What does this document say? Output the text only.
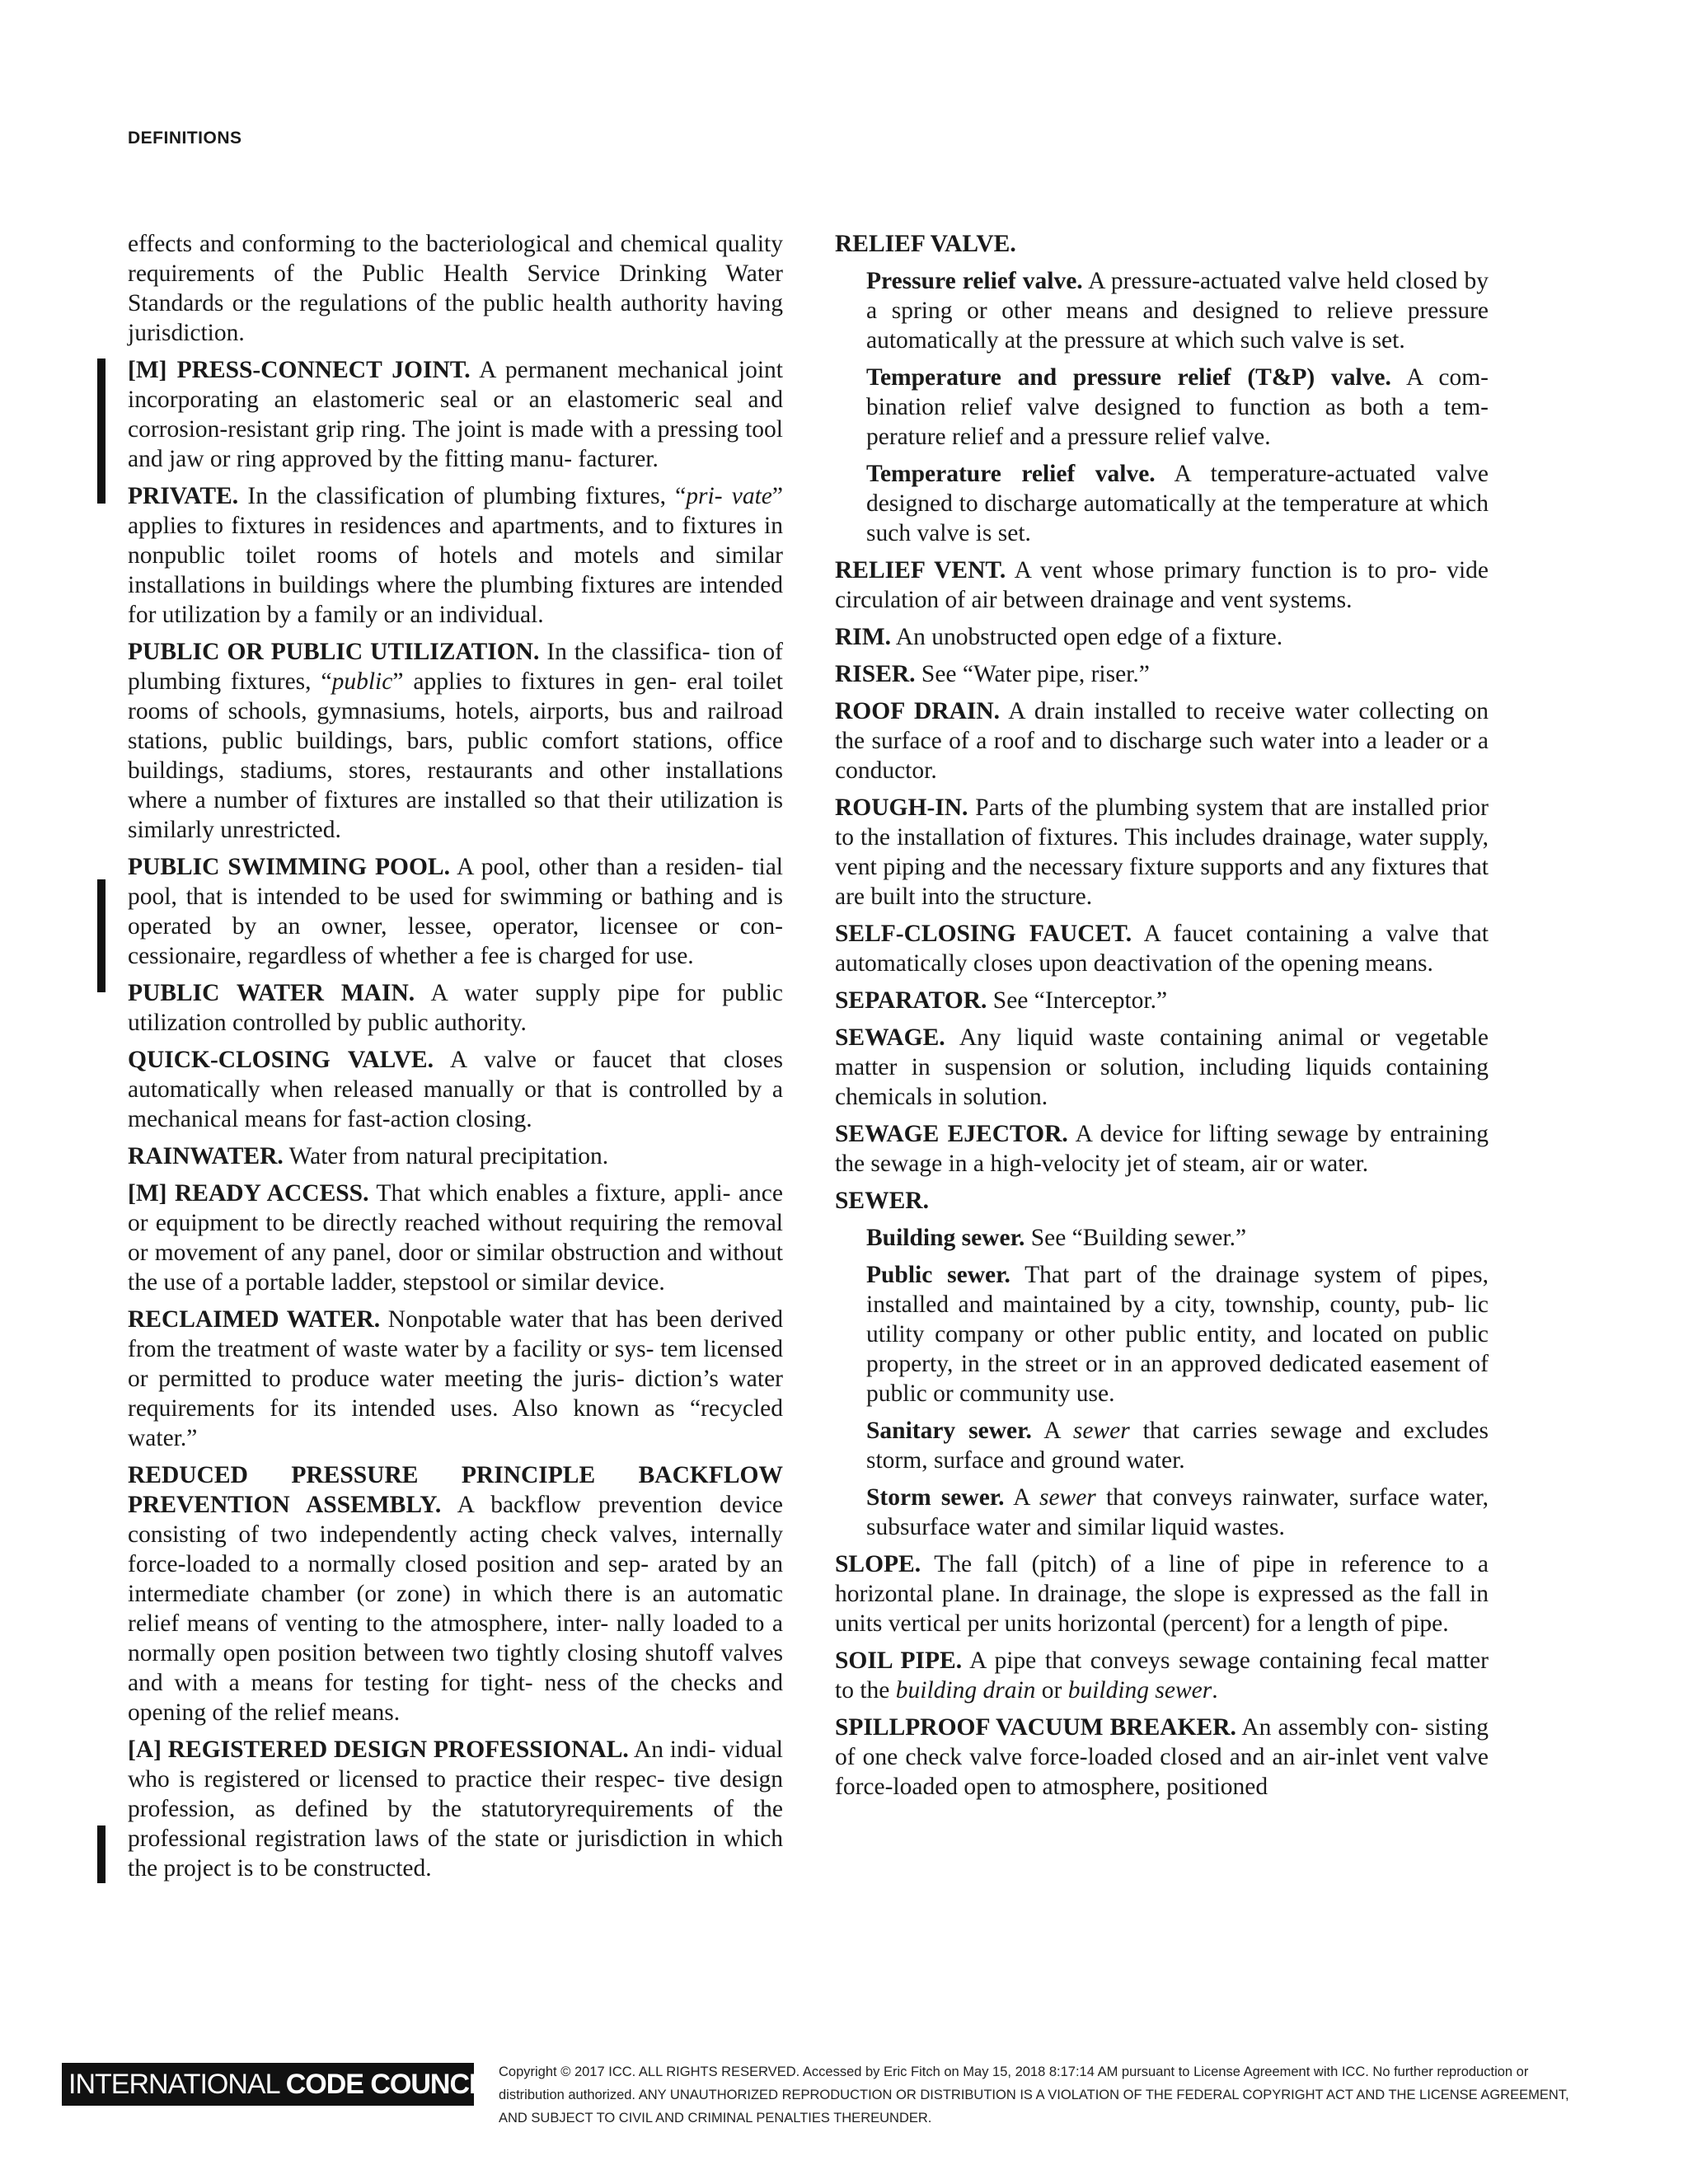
DEFINITIONS

effects and conforming to the bacteriological and chemical quality requirements of the Public Health Service Drinking Water Standards or the regulations of the public health authority having jurisdiction.

[M] PRESS-CONNECT JOINT. A permanent mechanical joint incorporating an elastomeric seal or an elastomeric seal and corrosion-resistant grip ring. The joint is made with a pressing tool and jaw or ring approved by the fitting manu- facturer.

PRIVATE. In the classification of plumbing fixtures, “pri- vate” applies to fixtures in residences and apartments, and to fixtures in nonpublic toilet rooms of hotels and motels and similar installations in buildings where the plumbing fixtures are intended for utilization by a family or an individual.

PUBLIC OR PUBLIC UTILIZATION. In the classifica- tion of plumbing fixtures, “public” applies to fixtures in gen- eral toilet rooms of schools, gymnasiums, hotels, airports, bus and railroad stations, public buildings, bars, public comfort stations, office buildings, stadiums, stores, restaurants and other installations where a number of fixtures are installed so that their utilization is similarly unrestricted.

PUBLIC SWIMMING POOL. A pool, other than a residen- tial pool, that is intended to be used for swimming or bathing and is operated by an owner, lessee, operator, licensee or con- cessionaire, regardless of whether a fee is charged for use.

PUBLIC WATER MAIN. A water supply pipe for public utilization controlled by public authority.

QUICK-CLOSING VALVE. A valve or faucet that closes automatically when released manually or that is controlled by a mechanical means for fast-action closing.

RAINWATER. Water from natural precipitation.

[M] READY ACCESS. That which enables a fixture, appli- ance or equipment to be directly reached without requiring the removal or movement of any panel, door or similar obstruction and without the use of a portable ladder, stepstool or similar device.

RECLAIMED WATER. Nonpotable water that has been derived from the treatment of waste water by a facility or sys- tem licensed or permitted to produce water meeting the juris- diction’s water requirements for its intended uses. Also known as “recycled water.”

REDUCED PRESSURE PRINCIPLE BACKFLOW PREVENTION ASSEMBLY. A backflow prevention device consisting of two independently acting check valves, internally force-loaded to a normally closed position and sep- arated by an intermediate chamber (or zone) in which there is an automatic relief means of venting to the atmosphere, inter- nally loaded to a normally open position between two tightly closing shutoff valves and with a means for testing for tight- ness of the checks and opening of the relief means.

[A] REGISTERED DESIGN PROFESSIONAL. An indi- vidual who is registered or licensed to practice their respec- tive design profession, as defined by the statutoryrequirements of the professional registration laws of the state or jurisdiction in which the project is to be constructed.

RELIEF VALVE.

Pressure relief valve. A pressure-actuated valve held closed by a spring or other means and designed to relieve pressure automatically at the pressure at which such valve is set.

Temperature and pressure relief (T&P) valve. A com- bination relief valve designed to function as both a tem- perature relief and a pressure relief valve.

Temperature relief valve. A temperature-actuated valve designed to discharge automatically at the temperature at which such valve is set.

RELIEF VENT. A vent whose primary function is to pro- vide circulation of air between drainage and vent systems.

RIM. An unobstructed open edge of a fixture.

RISER. See “Water pipe, riser.”

ROOF DRAIN. A drain installed to receive water collecting on the surface of a roof and to discharge such water into a leader or a conductor.

ROUGH-IN. Parts of the plumbing system that are installed prior to the installation of fixtures. This includes drainage, water supply, vent piping and the necessary fixture supports and any fixtures that are built into the structure.

SELF-CLOSING FAUCET. A faucet containing a valve that automatically closes upon deactivation of the opening means.

SEPARATOR. See “Interceptor.”

SEWAGE. Any liquid waste containing animal or vegetable matter in suspension or solution, including liquids containing chemicals in solution.

SEWAGE EJECTOR. A device for lifting sewage by entraining the sewage in a high-velocity jet of steam, air or water.

SEWER.

Building sewer. See “Building sewer.”

Public sewer. That part of the drainage system of pipes, installed and maintained by a city, township, county, pub- lic utility company or other public entity, and located on public property, in the street or in an approved dedicated easement of public or community use.

Sanitary sewer. A sewer that carries sewage and excludes storm, surface and ground water.

Storm sewer. A sewer that conveys rainwater, surface water, subsurface water and similar liquid wastes.

SLOPE. The fall (pitch) of a line of pipe in reference to a horizontal plane. In drainage, the slope is expressed as the fall in units vertical per units horizontal (percent) for a length of pipe.

SOIL PIPE. A pipe that conveys sewage containing fecal matter to the building drain or building sewer.

SPILLPROOF VACUUM BREAKER. An assembly con- sisting of one check valve force-loaded closed and an air-inlet vent valve force-loaded open to atmosphere, positioned

INTERNATIONAL CODE COUNCIL®
Copyright © 2017 ICC. ALL RIGHTS RESERVED. Accessed by Eric Fitch on May 15, 2018 8:17:14 AM pursuant to License Agreement with ICC. No further reproduction or distribution authorized. ANY UNAUTHORIZED REPRODUCTION OR DISTRIBUTION IS A VIOLATION OF THE FEDERAL COPYRIGHT ACT AND THE LICENSE AGREEMENT, AND SUBJECT TO CIVIL AND CRIMINAL PENALTIES THEREUNDER.
